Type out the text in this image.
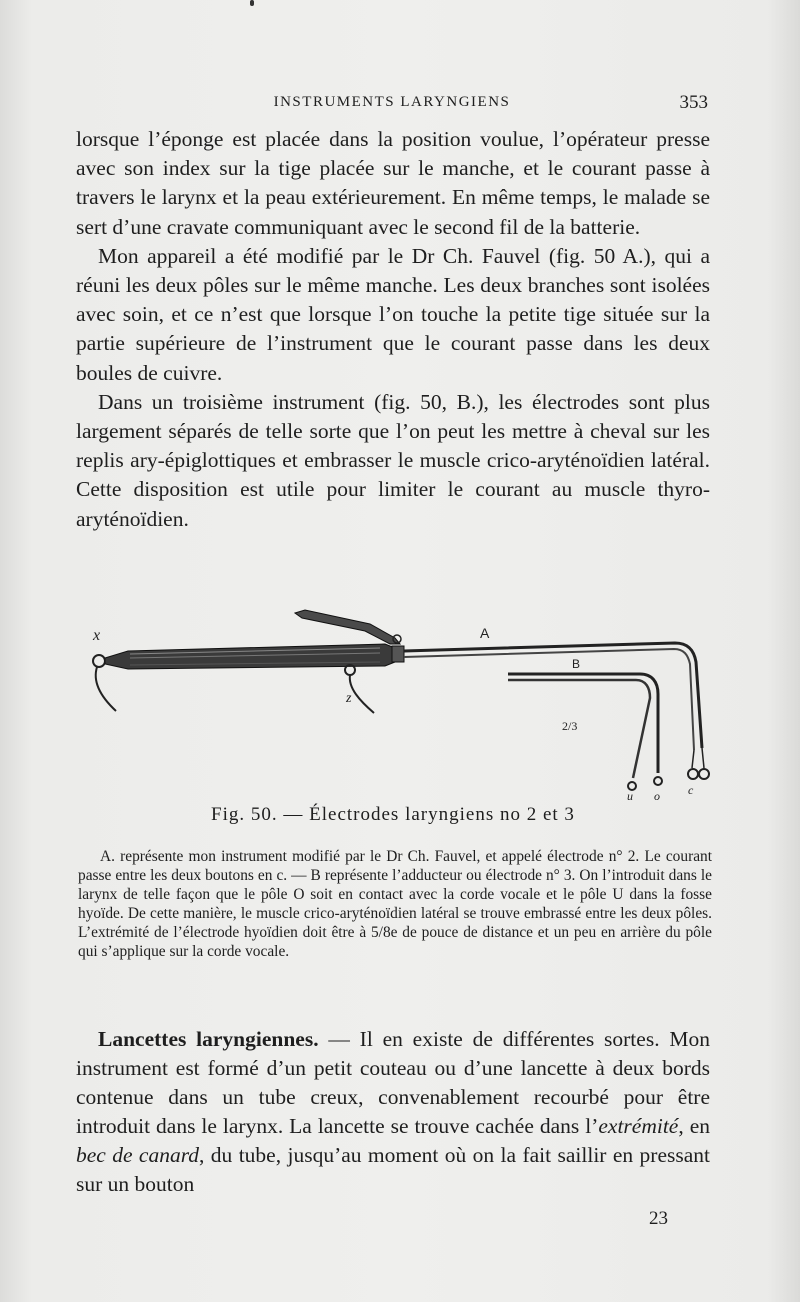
INSTRUMENTS LARYNGIENS	353

lorsque l’éponge est placée dans la position voulue, l’opérateur presse avec son index sur la tige placée sur le manche, et le courant passe à travers le larynx et la peau extérieurement. En même temps, le malade se sert d’une cravate communiquant avec le second fil de la batterie.

Mon appareil a été modifié par le Dr Ch. Fauvel (fig. 50 A.), qui a réuni les deux pôles sur le même manche. Les deux branches sont isolées avec soin, et ce n’est que lorsque l’on touche la petite tige située sur la partie supérieure de l’instrument que le courant passe dans les deux boules de cuivre.

Dans un troisième instrument (fig. 50, B.), les électrodes sont plus largement séparés de telle sorte que l’on peut les mettre à cheval sur les replis ary-épiglottiques et embrasser le muscle crico-aryténoïdien latéral. Cette disposition est utile pour limiter le courant au muscle thyro-aryténoïdien.

x	A
B
z
2/3
u o c
Fig. 50. — Électrodes laryngiens no 2 et 3

A. représente mon instrument modifié par le Dr Ch. Fauvel, et appelé électrode n° 2. Le courant passe entre les deux boutons en c. — B représente l’adducteur ou électrode n° 3. On l’introduit dans le larynx de telle façon que le pôle O soit en contact avec la corde vocale et le pôle U dans la fosse hyoïde. De cette manière, le muscle crico-aryténoïdien latéral se trouve embrassé entre les deux pôles. L’extrémité de l’électrode hyoïdien doit être à 5/8e de pouce de distance et un peu en arrière du pôle qui s’applique sur la corde vocale.

Lancettes laryngiennes. — Il en existe de différentes sortes. Mon instrument est formé d’un petit couteau ou d’une lancette à deux bords contenue dans un tube creux, convenablement recourbé pour être introduit dans le larynx. La lancette se trouve cachée dans l’extrémité, en bec de canard, du tube, jusqu’au moment où on la fait saillir en pressant sur un bouton

23
